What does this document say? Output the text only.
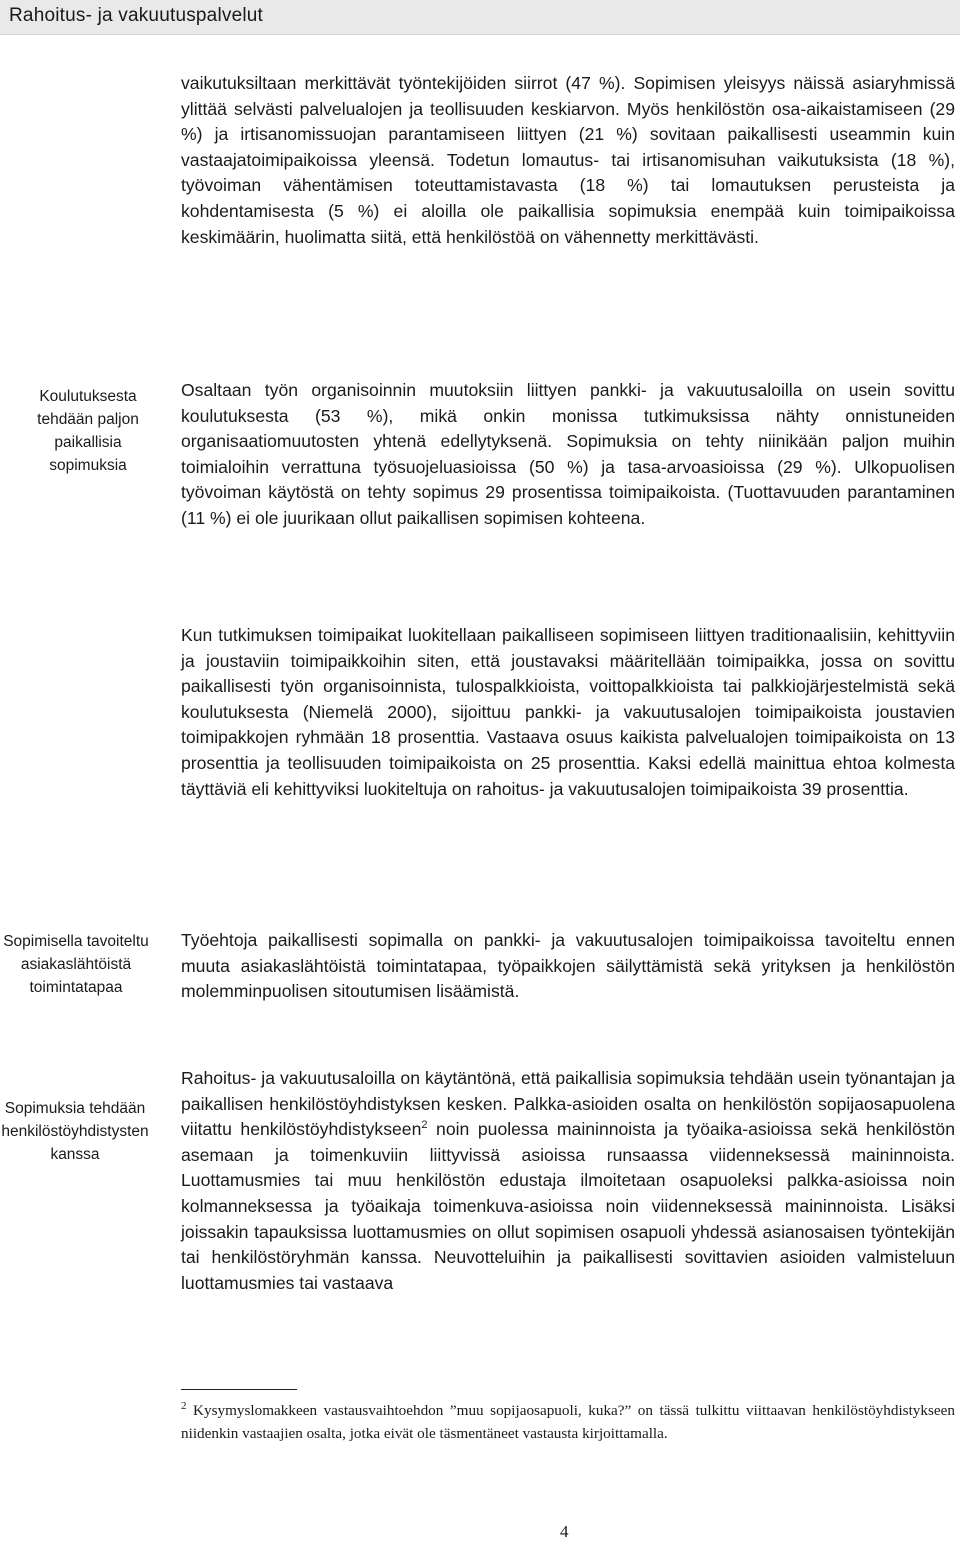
Rahoitus- ja vakuutuspalvelut

vaikutuksiltaan merkittävät työntekijöiden siirrot (47 %). Sopimisen yleisyys näissä asiaryhmissä ylittää selvästi palvelualojen ja teollisuuden keskiarvon. Myös henkilöstön osa-aikaistamiseen (29 %) ja irtisanomissuojan parantamiseen liittyen (21 %) sovitaan paikallisesti useammin kuin vastaajatoimipaikoissa yleensä. Todetun lomautus- tai irtisanomisuhan vaikutuksista (18 %), työvoiman vähentämisen toteuttamistavasta (18 %) tai lomautuksen perusteista ja kohdentamisesta (5 %) ei aloilla ole paikallisia sopimuksia enempää kuin toimipaikoissa keskimäärin, huolimatta siitä, että henkilöstöä on vähennetty merkittävästi.

Koulutuksesta tehdään paljon paikallisia sopimuksia

Osaltaan työn organisoinnin muutoksiin liittyen pankki- ja vakuutusaloilla on usein sovittu koulutuksesta (53 %), mikä onkin monissa tutkimuksissa nähty onnistuneiden organisaatiomuutosten yhtenä edellytyksenä. Sopimuksia on tehty niinikään paljon muihin toimialoihin verrattuna työsuojeluasioissa (50 %) ja tasa-arvoasioissa (29 %). Ulkopuolisen työvoiman käytöstä on tehty sopimus 29 prosentissa toimipaikoista. (Tuottavuuden parantaminen (11 %) ei ole juurikaan ollut paikallisen sopimisen kohteena.

Kun tutkimuksen toimipaikat luokitellaan paikalliseen sopimiseen liittyen traditionaalisiin, kehittyviin ja joustaviin toimipaikkoihin siten, että joustavaksi määritellään toimipaikka, jossa on sovittu paikallisesti työn organisoinnista, tulospalkkioista, voittopalkkioista tai palkkiojärjestelmistä sekä koulutuksesta (Niemelä 2000), sijoittuu pankki- ja vakuutusalojen toimipaikoista joustavien toimipakkojen ryhmään 18 prosenttia. Vastaava osuus kaikista palvelualojen toimipaikoista on 13 prosenttia ja teollisuuden toimipaikoista on 25 prosenttia. Kaksi edellä mainittua ehtoa kolmesta täyttäviä eli kehittyviksi luokiteltuja on rahoitus- ja vakuutusalojen toimipaikoista 39 prosenttia.

Sopimisella tavoiteltu asiakaslähtöistä toimintatapaa

Työehtoja paikallisesti sopimalla on pankki- ja vakuutusalojen toimipaikoissa tavoiteltu ennen muuta asiakaslähtöistä toimintatapaa, työpaikkojen säilyttämistä sekä yrityksen ja henkilöstön molemminpuolisen sitoutumisen lisäämistä.

Sopimuksia tehdään henkilöstöyhdistysten kanssa

Rahoitus- ja vakuutusaloilla on käytäntönä, että paikallisia sopimuksia tehdään usein työnantajan ja paikallisen henkilöstöyhdistyksen kesken. Palkka-asioiden osalta on henkilöstön sopijaosapuolena viitattu henkilöstöyhdistykseen$^2$ noin puolessa maininnoista ja työaika-asioissa sekä henkilöstön asemaan ja toimenkuviin liittyvissä asioissa runsaassa viidenneksessä maininnoista. Luottamusmies tai muu henkilöstön edustaja ilmoitetaan osapuoleksi palkka-asioissa noin kolmanneksessa ja työaikaja toimenkuva-asioissa noin viidenneksessä maininnoista. Lisäksi joissakin tapauksissa luottamusmies on ollut sopimisen osapuoli yhdessä asianosaisen työntekijän tai henkilöstöryhmän kanssa. Neuvotteluihin ja paikallisesti sovittavien asioiden valmisteluun luottamusmies tai vastaava

$^2$ Kysymyslomakkeen vastausvaihtoehdon ”muu sopijaosapuoli, kuka?” on tässä tulkittu viittaavan henkilöstöyhdistykseen niidenkin vastaajien osalta, jotka eivät ole täsmentäneet vastausta kirjoittamalla.

4
